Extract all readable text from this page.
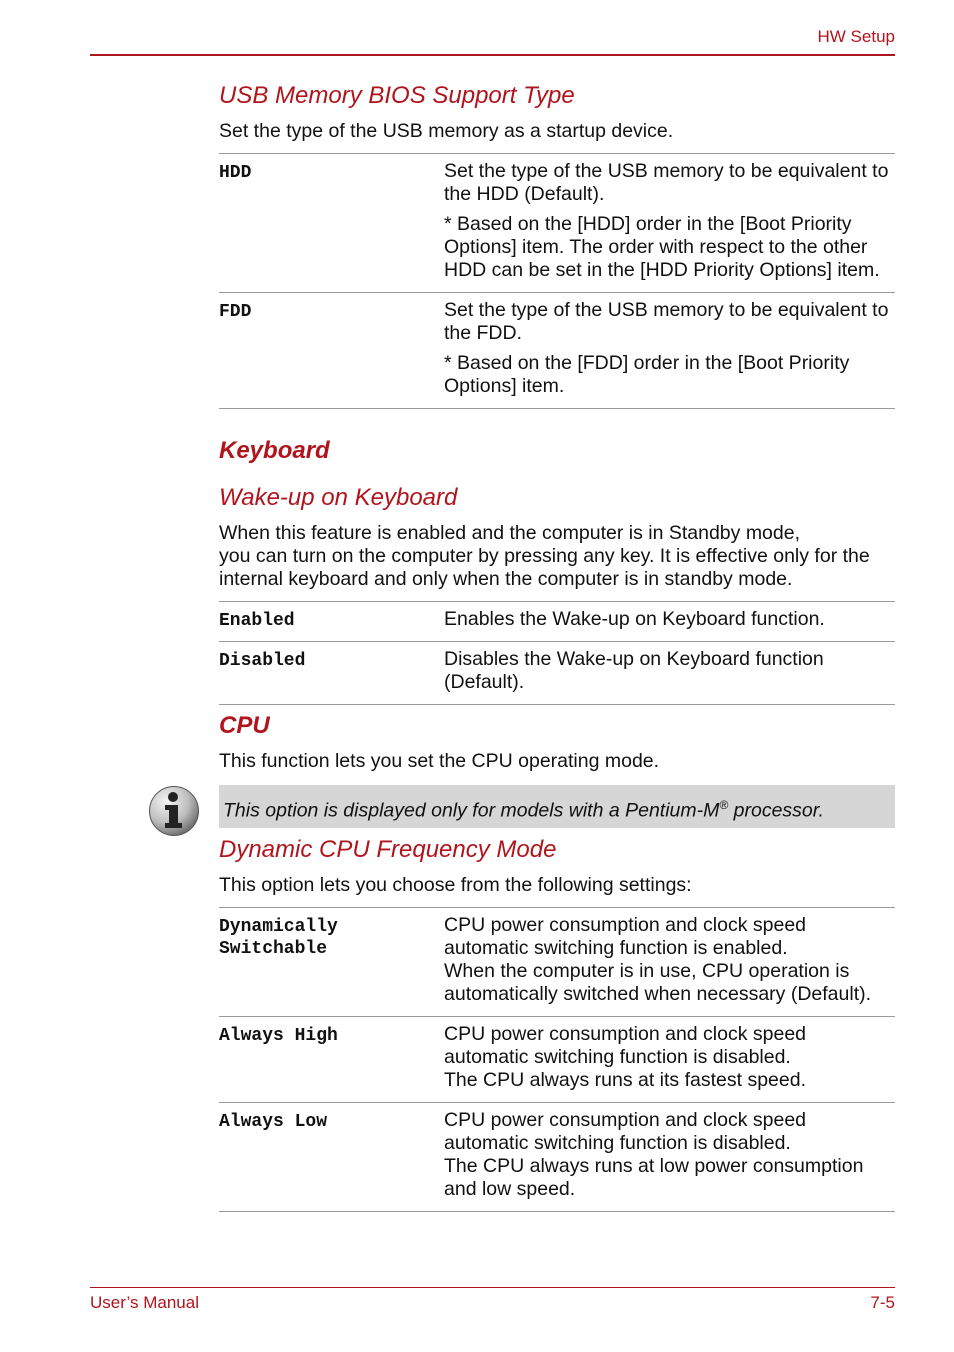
HW Setup
USB Memory BIOS Support Type

Set the type of the USB memory as a startup device.

HDD	Set the type of the USB memory to be equivalent to the HDD (Default).

* Based on the [HDD] order in the [Boot Priority Options] item. The order with respect to the other HDD can be set in the [HDD Priority Options] item.

FDD	Set the type of the USB memory to be equivalent to the FDD.

* Based on the [FDD] order in the [Boot Priority Options] item.

Keyboard
Wake-up on Keyboard

When this feature is enabled and the computer is in Standby mode,
you can turn on the computer by pressing any key. It is effective only for the internal keyboard and only when the computer is in standby mode.

Enabled	Enables the Wake-up on Keyboard function.

Disabled	Disables the Wake-up on Keyboard function (Default).

CPU

This function lets you set the CPU operating mode.

This option is displayed only for models with a Pentium-M® processor.
Dynamic CPU Frequency Mode

This option lets you choose from the following settings:

Dynamically
Switchable	CPU power consumption and clock speed automatic switching function is enabled.
When the computer is in use, CPU operation is automatically switched when necessary (Default).

Always High	CPU power consumption and clock speed automatic switching function is disabled.
The CPU always runs at its fastest speed.

Always Low	CPU power consumption and clock speed automatic switching function is disabled.
The CPU always runs at low power consumption and low speed.
User’s Manual	7-5
